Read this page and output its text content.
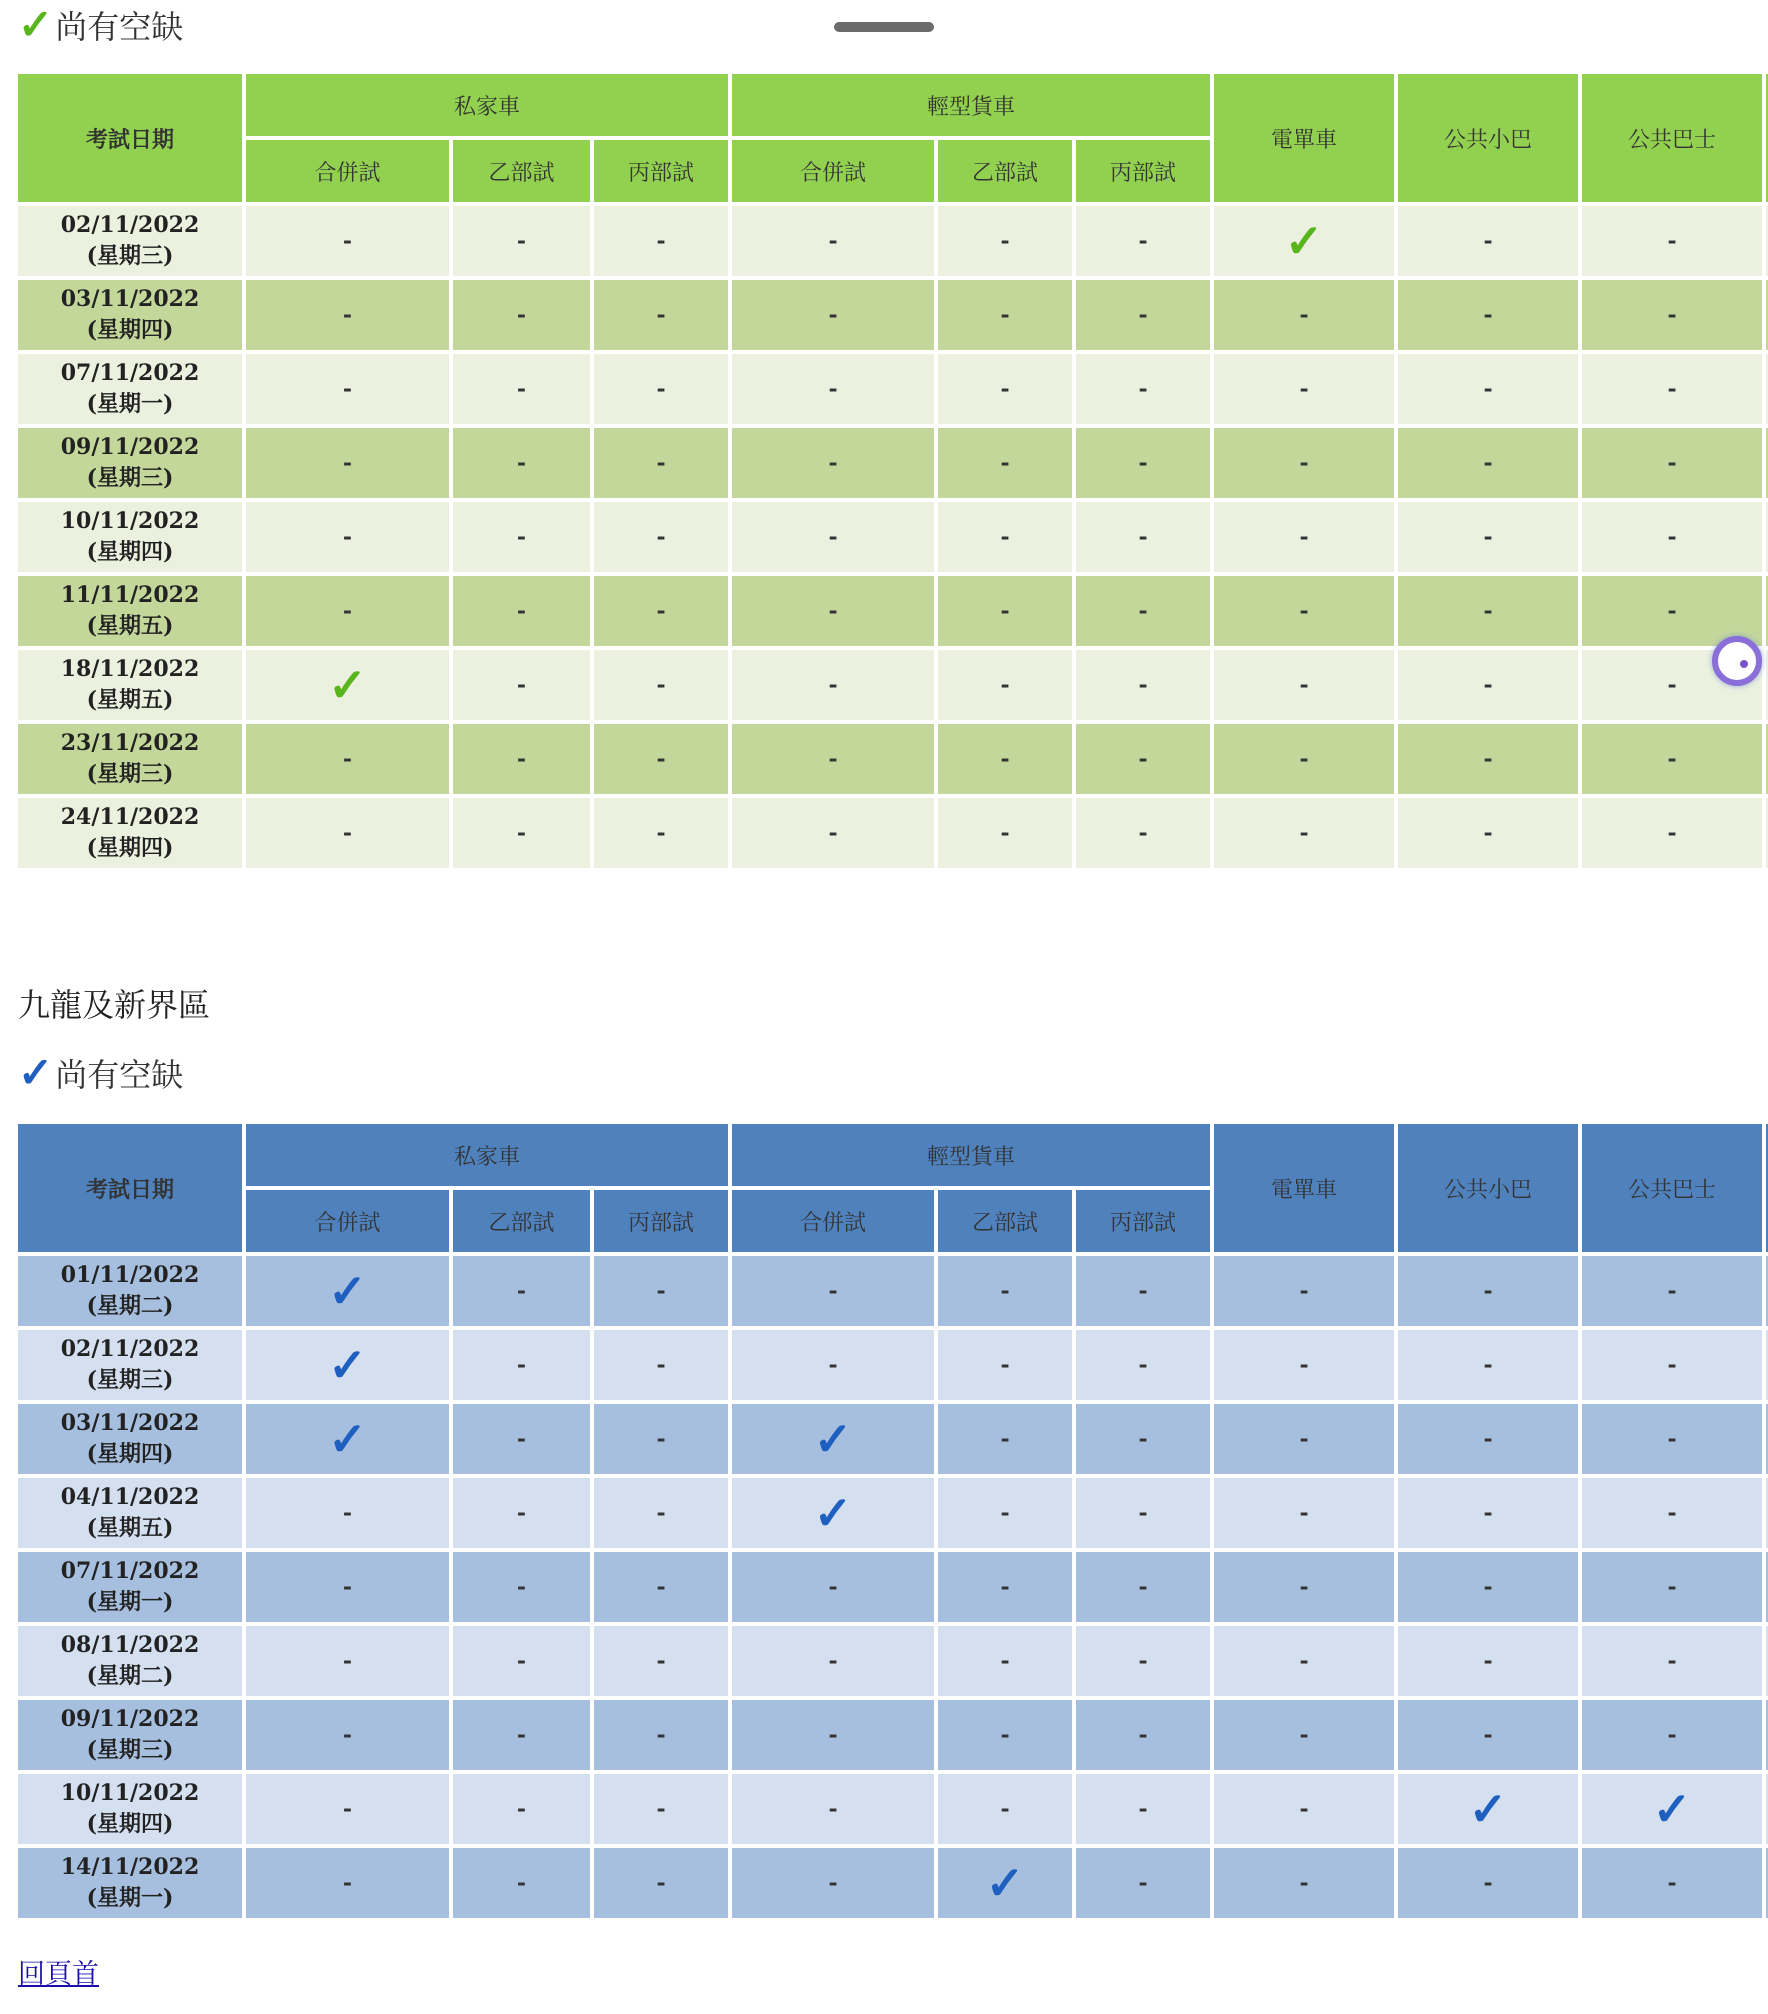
✓ 尚有空缺
考試日期	私家車			輕型貨車			電單車	公共小巴	公共巴士	
	合併試	乙部試	丙部試	合併試	乙部試	丙部試				

02/11/2022
(星期三)	-	-	-	-	-	-	✓	-	-	

03/11/2022
(星期四)	-	-	-	-	-	-	-	-	-	

07/11/2022
(星期一)	-	-	-	-	-	-	-	-	-	

09/11/2022
(星期三)	-	-	-	-	-	-	-	-	-	

10/11/2022
(星期四)	-	-	-	-	-	-	-	-	-	

11/11/2022
(星期五)	-	-	-	-	-	-	-	-	-	

18/11/2022
(星期五)	✓	-	-	-	-	-	-	-	-	

23/11/2022
(星期三)	-	-	-	-	-	-	-	-	-	

24/11/2022
(星期四)	-	-	-	-	-	-	-	-	-	
九龍及新界區
✓ 尚有空缺
考試日期	私家車			輕型貨車			電單車	公共小巴	公共巴士	
	合併試	乙部試	丙部試	合併試	乙部試	丙部試				

01/11/2022
(星期二)	✓	-	-	-	-	-	-	-	-	

02/11/2022
(星期三)	✓	-	-	-	-	-	-	-	-	

03/11/2022
(星期四)	✓	-	-	✓	-	-	-	-	-	

04/11/2022
(星期五)	-	-	-	✓	-	-	-	-	-	

07/11/2022
(星期一)	-	-	-	-	-	-	-	-	-	

08/11/2022
(星期二)	-	-	-	-	-	-	-	-	-	

09/11/2022
(星期三)	-	-	-	-	-	-	-	-	-	

10/11/2022
(星期四)	-	-	-	-	-	-	-	✓	✓	

14/11/2022
(星期一)	-	-	-	-	✓	-	-	-	-	
回頁首
